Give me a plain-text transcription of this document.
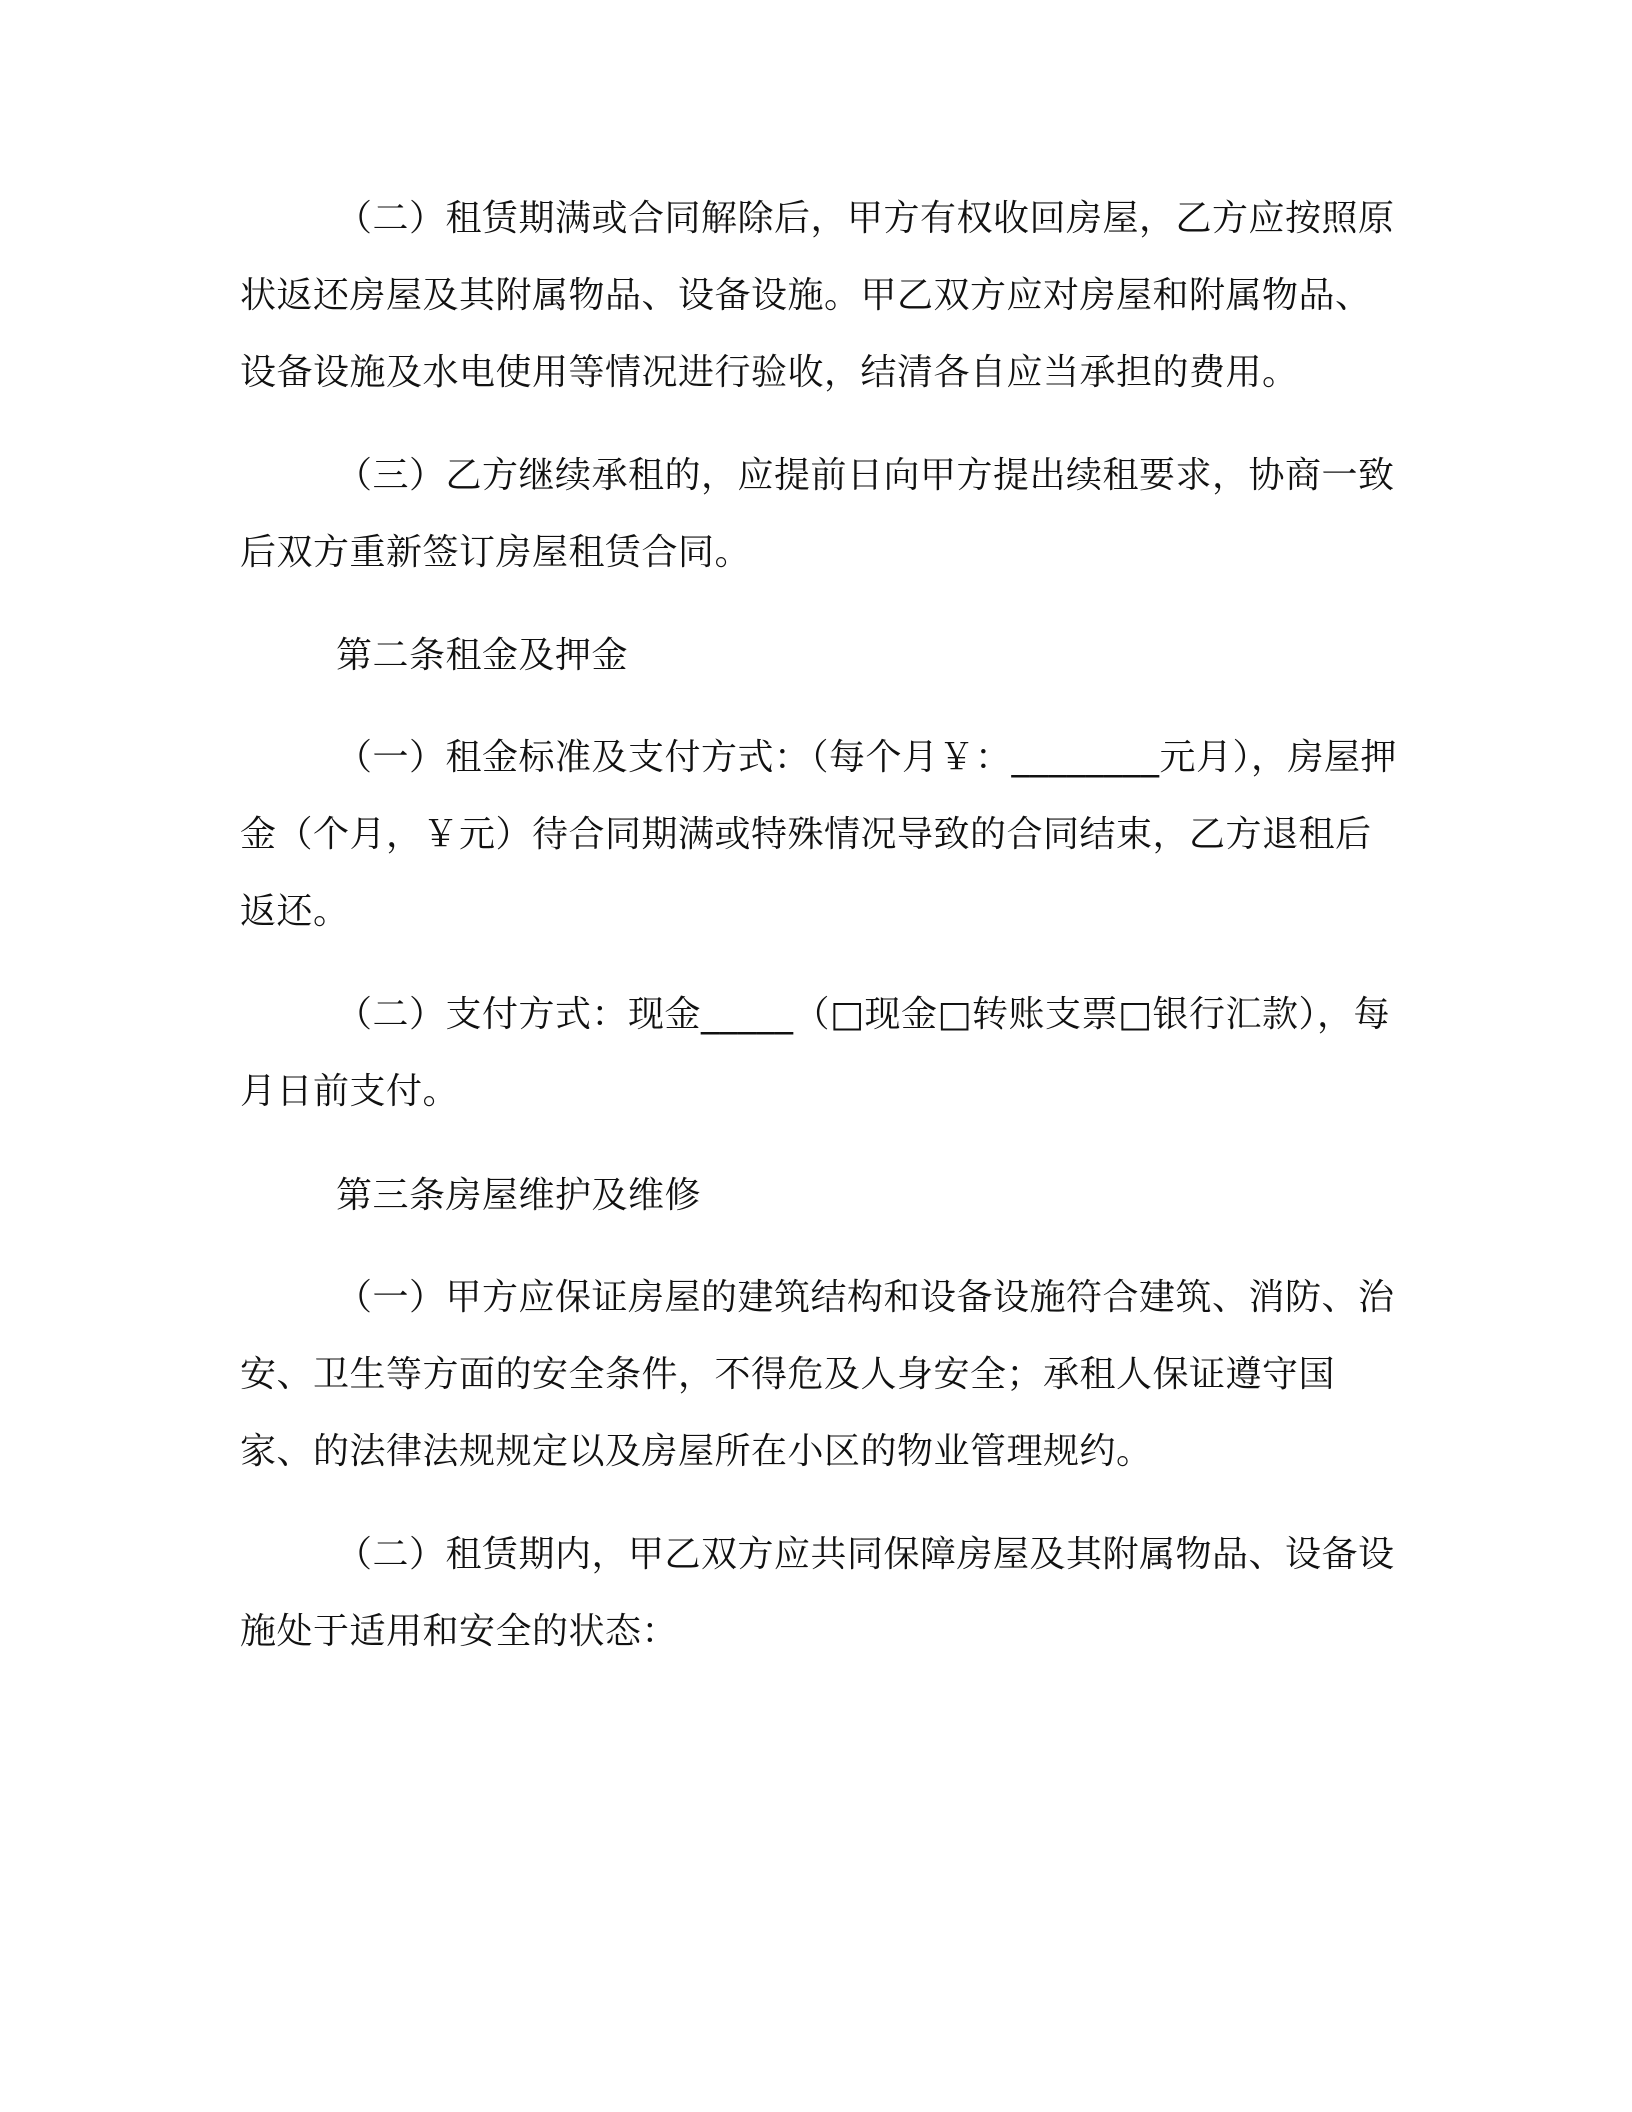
（二）租赁期满或合同解除后，甲方有权收回房屋，乙方应按照原状返还房屋及其附属物品、设备设施。甲乙双方应对房屋和附属物品、设备设施及水电使用等情况进行验收，结清各自应当承担的费用。

（三）乙方继续承租的，应提前日向甲方提出续租要求，协商一致后双方重新签订房屋租赁合同。

第二条租金及押金

（一）租金标准及支付方式：（每个月￥：________元月），房屋押金（个月，￥元）待合同期满或特殊情况导致的合同结束，乙方退租后返还。

（二）支付方式：现金_____（□现金□转账支票□银行汇款），每月日前支付。

第三条房屋维护及维修

（一）甲方应保证房屋的建筑结构和设备设施符合建筑、消防、治安、卫生等方面的安全条件，不得危及人身安全；承租人保证遵守国家、的法律法规规定以及房屋所在小区的物业管理规约。

（二）租赁期内，甲乙双方应共同保障房屋及其附属物品、设备设施处于适用和安全的状态：
